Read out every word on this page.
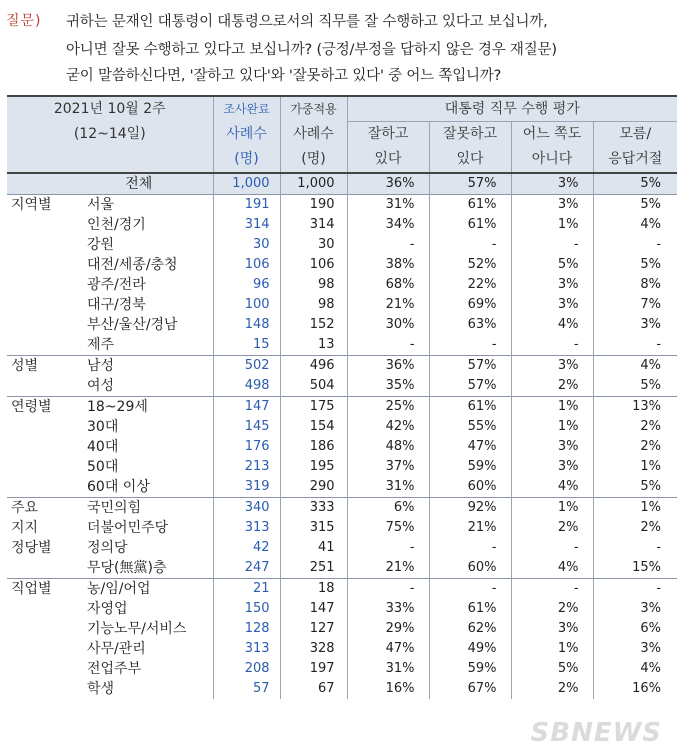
질문) 귀하는 문재인 대통령이 대통령으로서의 직무를 잘 수행하고 있다고 보십니까,
아니면 잘못 수행하고 있다고 보십니까? (긍정/부정을 답하지 않은 경우 재질문)
굳이 말씀하신다면, '잘하고 있다'와 '잘못하고 있다' 중 어느 쪽입니까?
2021년 10월 2주		조사완료	가중적용	대통령 직무 수행 평가			
(12~14일)		사례수	사례수	잘하고	잘못하고	어느 쪽도	모름/
		(명)	(명)	있다	있다	아니다	응답거절
	전체	1,000	1,000	36%	57%	3%	5%
지역별	서울	191	190	31%	61%	3%	5%
	인천/경기	314	314	34%	61%	1%	4%
	강원	30	30	-	-	-	-
	대전/세종/충청	106	106	38%	52%	5%	5%
	광주/전라	96	98	68%	22%	3%	8%
	대구/경북	100	98	21%	69%	3%	7%
	부산/울산/경남	148	152	30%	63%	4%	3%
	제주	15	13	-	-	-	-
성별	남성	502	496	36%	57%	3%	4%
	여성	498	504	35%	57%	2%	5%
연령별	18~29세	147	175	25%	61%	1%	13%
	30대	145	154	42%	55%	1%	2%
	40대	176	186	48%	47%	3%	2%
	50대	213	195	37%	59%	3%	1%
	60대 이상	319	290	31%	60%	4%	5%
주요	국민의힘	340	333	6%	92%	1%	1%
지지	더불어민주당	313	315	75%	21%	2%	2%
정당별	정의당	42	41	-	-	-	-
	무당(無黨)층	247	251	21%	60%	4%	15%
직업별	농/임/어업	21	18	-	-	-	-
	자영업	150	147	33%	61%	2%	3%
	기능노무/서비스	128	127	29%	62%	3%	6%
	사무/관리	313	328	47%	49%	1%	3%
	전업주부	208	197	31%	59%	5%	4%
	학생	57	67	16%	67%	2%	16%
SBNEWS
